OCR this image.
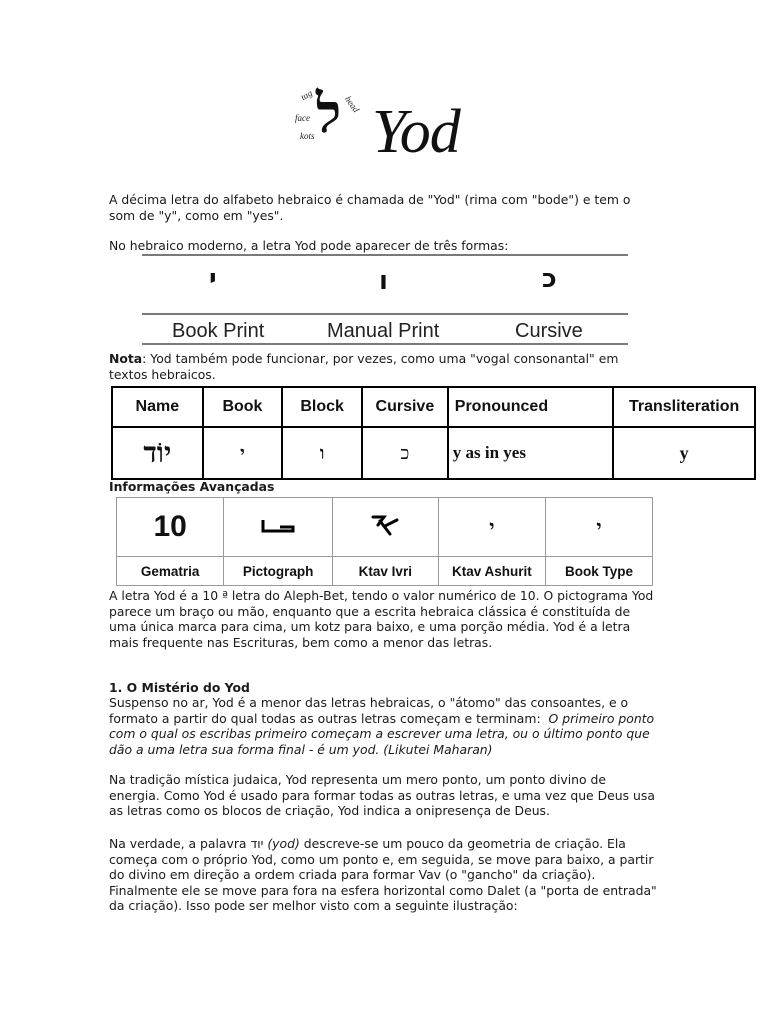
tag	head
face
kots ל Yod
A décima letra do alfabeto hebraico é chamada de "Yod" (rima com "bode") e tem o som de "y", como em "yes".
No hebraico moderno, a letra Yod pode aparecer de três formas:
י	ו	כ
Book Print	Manual Print	Cursive
Nota: Yod também pode funcionar, por vezes, como uma "vogal consonantal" em textos hebraicos.
Name	Book	Block	Cursive	Pronounced	Transliteration
יוֹד	י	ו	כ	y as in yes	y
Informações Avançadas
10			י	י
Gematria	Pictograph	Ktav Ivri	Ktav Ashurit	Book Type
A letra Yod é a 10 ª letra do Aleph-Bet, tendo o valor numérico de 10. O pictograma Yod parece um braço ou mão, enquanto que a escrita hebraica clássica é constituída de uma única marca para cima, um kotz para baixo, e uma porção média. Yod é a letra mais frequente nas Escrituras, bem como a menor das letras.
1. O Mistério do Yod
Suspenso no ar, Yod é a menor das letras hebraicas, o "átomo" das consoantes, e o formato a partir do qual todas as outras letras começam e terminam: O primeiro ponto com o qual os escribas primeiro começam a escrever uma letra, ou o último ponto que dão a uma letra sua forma final - é um yod. (Likutei Maharan)
Na tradição mística judaica, Yod representa um mero ponto, um ponto divino de energia. Como Yod é usado para formar todas as outras letras, e uma vez que Deus usa as letras como os blocos de criação, Yod indica a onipresença de Deus.
Na verdade, a palavra יוד (yod) descreve-se um pouco da geometria de criação. Ela começa com o próprio Yod, como um ponto e, em seguida, se move para baixo, a partir do divino em direção a ordem criada para formar Vav (o "gancho" da criação). Finalmente ele se move para fora na esfera horizontal como Dalet (a "porta de entrada" da criação). Isso pode ser melhor visto com a seguinte ilustração:
